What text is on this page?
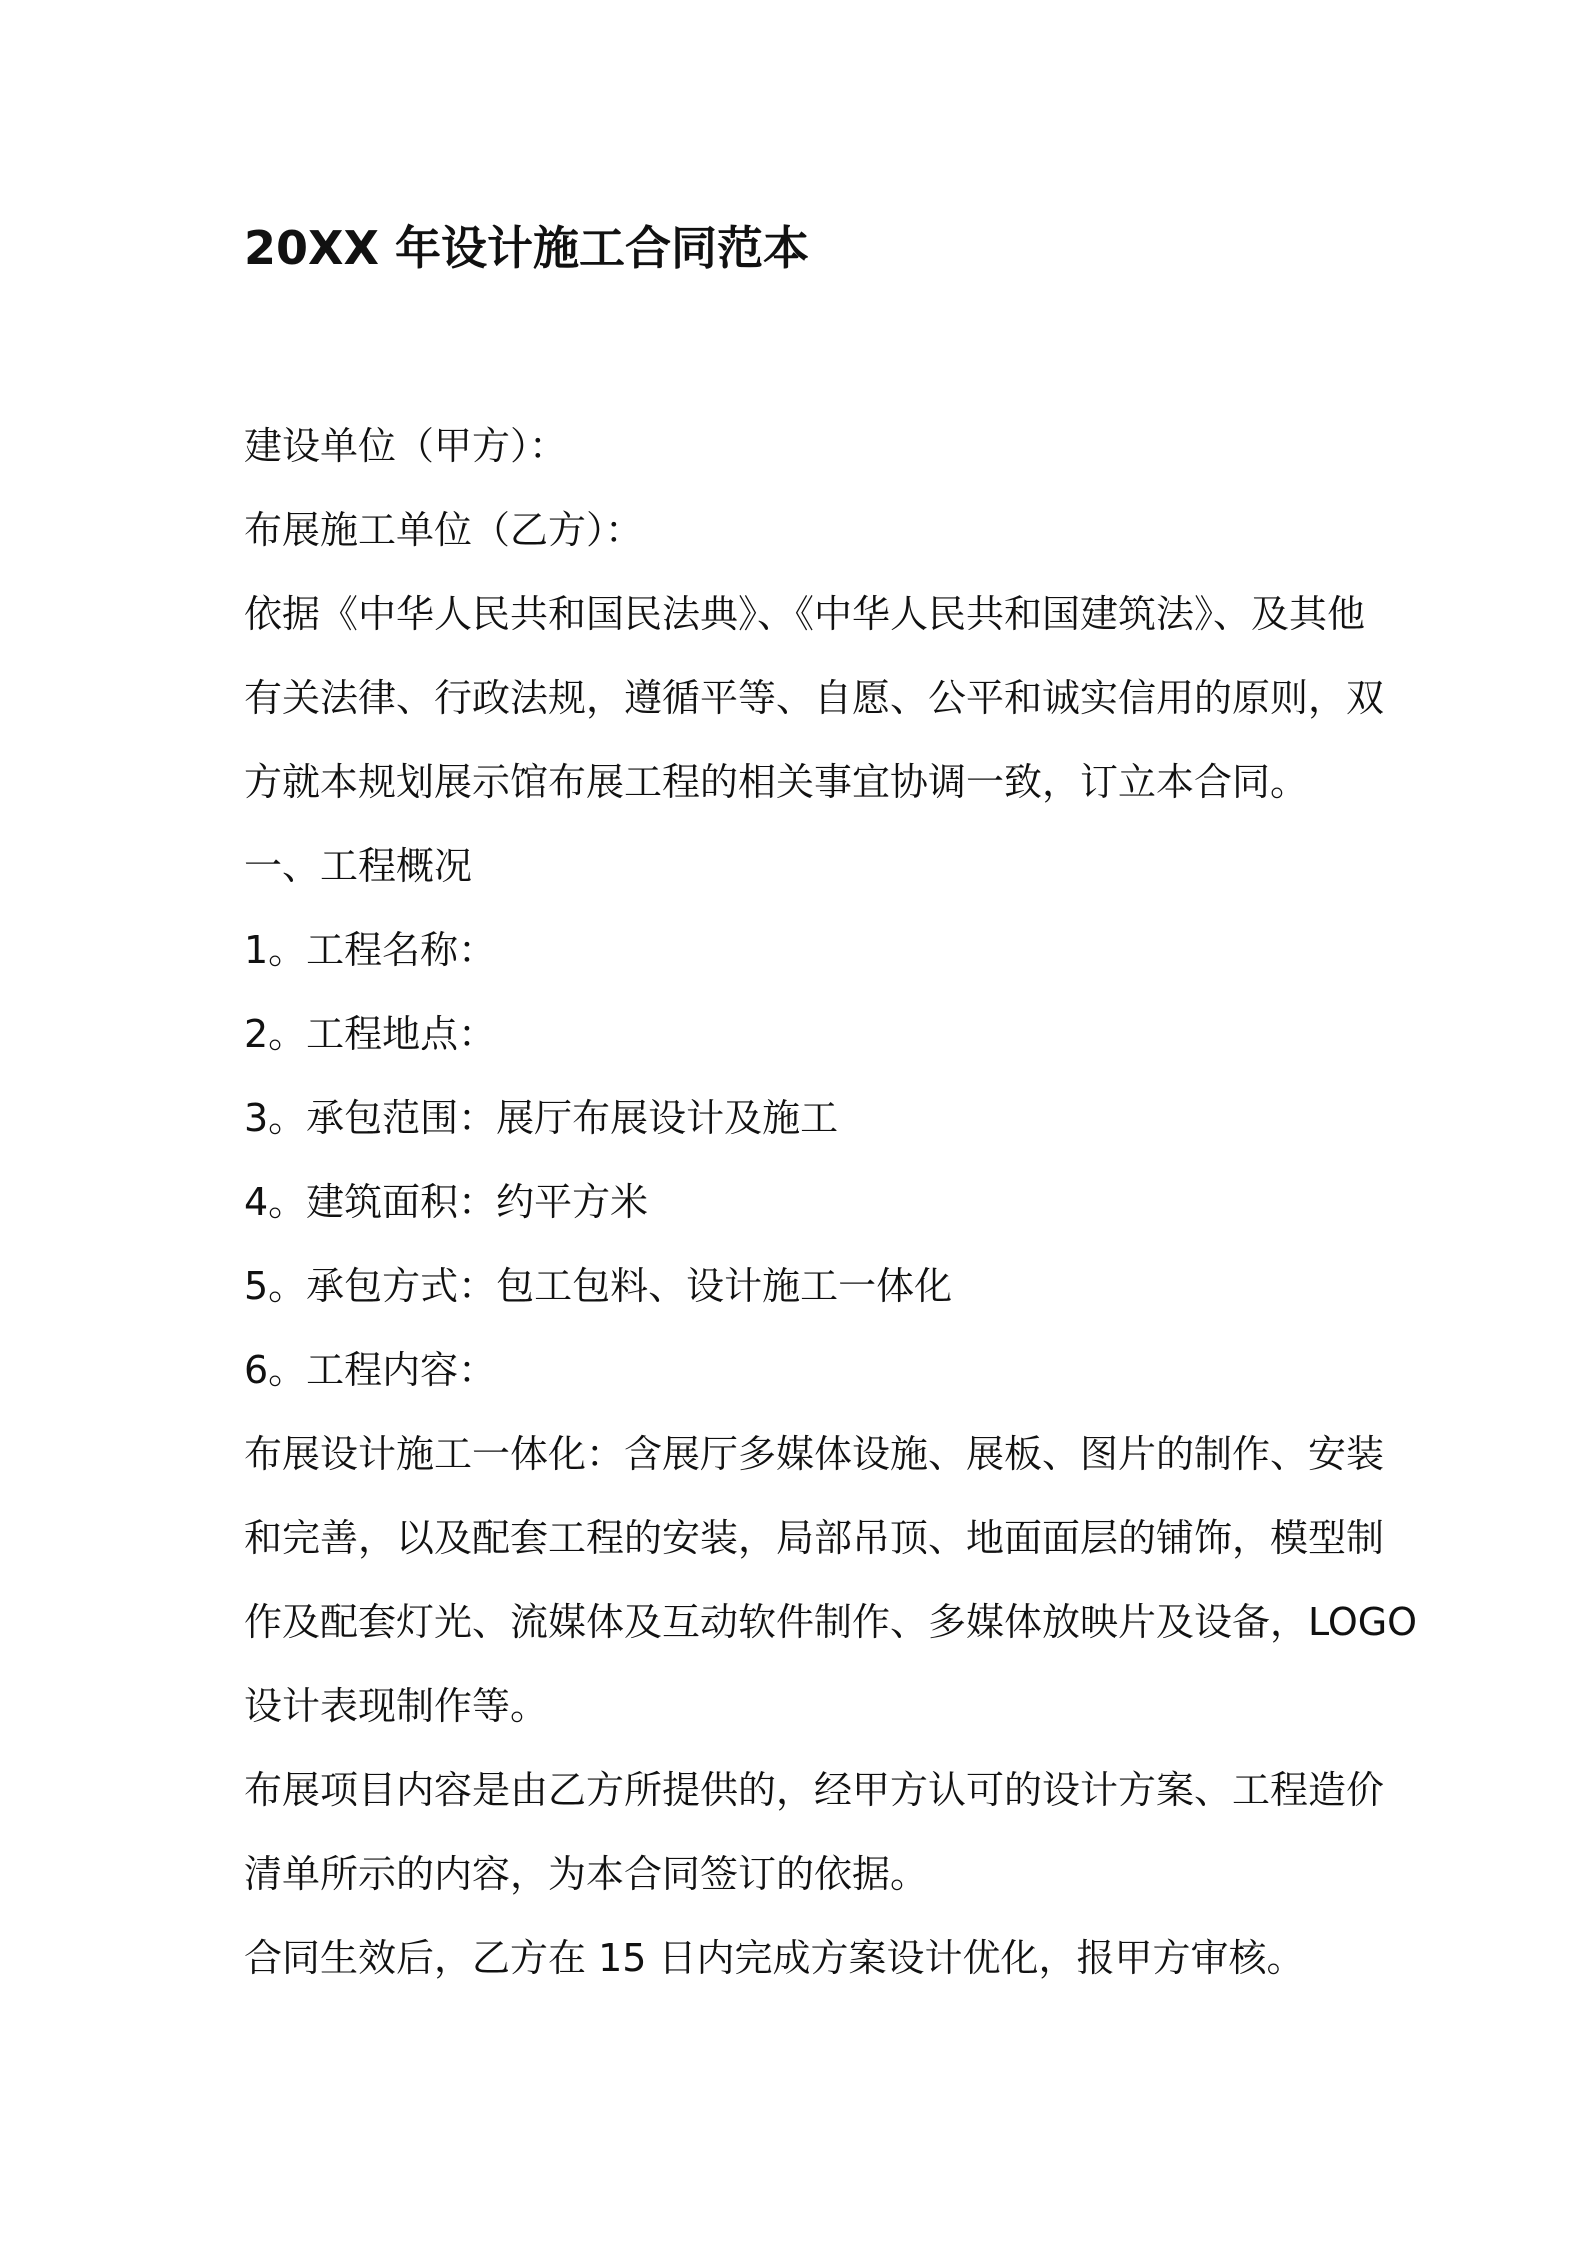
20XX 年设计施工合同范本
建设单位（甲方）：
布展施工单位（乙方）：
依据《中华人民共和国民法典》、《中华人民共和国建筑法》、及其他
有关法律、行政法规，遵循平等、自愿、公平和诚实信用的原则，双
方就本规划展示馆布展工程的相关事宜协调一致，订立本合同。
一、工程概况
1。工程名称：
2。工程地点：
3。承包范围：展厅布展设计及施工
4。建筑面积：约平方米
5。承包方式：包工包料、设计施工一体化
6。工程内容：
布展设计施工一体化：含展厅多媒体设施、展板、图片的制作、安装
和完善，以及配套工程的安装，局部吊顶、地面面层的铺饰，模型制
作及配套灯光、流媒体及互动软件制作、多媒体放映片及设备，LOGO
设计表现制作等。
布展项目内容是由乙方所提供的，经甲方认可的设计方案、工程造价
清单所示的内容，为本合同签订的依据。
合同生效后，乙方在 15 日内完成方案设计优化，报甲方审核。
